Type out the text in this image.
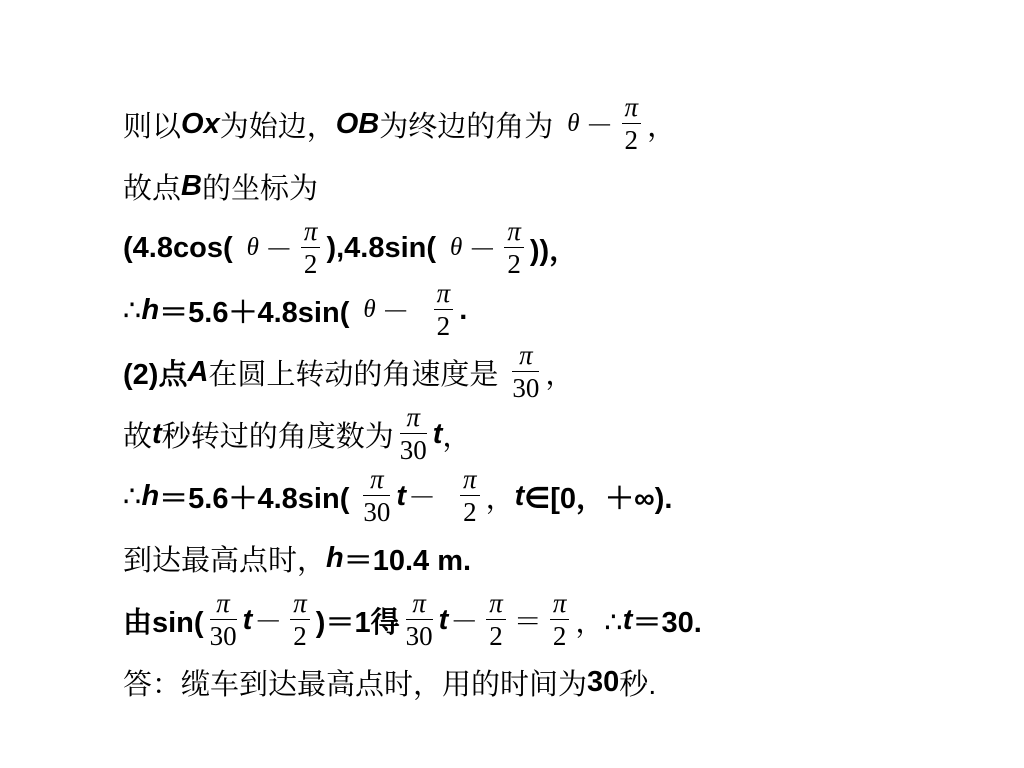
则以 Ox 为始边， OB 为终边的角为 $\theta - \frac{\pi}{2}$ ，
故点 B 的坐标为
(4.8cos( $\theta - \frac{\pi}{2} ),4.8\sin$( $\theta - \frac{\pi}{2}$ ))，
∴ h ＝5.6＋4.8sin( $\theta - \frac{\pi}{2}$ .
(2)点 A 在圆上转动的角速度是 $\frac{\pi}{30}$ ，
故 t 秒转过的角度数为 $\frac{\pi}{30}$ t ，
∴ $h =5.6+4.8\sin( \frac{\pi}{30}$ $t - \frac{\pi}{2}$ ， t ∈[0，＋∞).
到达最高点时， h ＝10.4 m.
由$\sin( \frac{\pi}{30}$ $t - \frac{\pi}{2} )=1$得 $\frac{\pi}{30}$ $t - \frac{\pi}{2} = \frac{\pi}{2}$ ，∴ t ＝30.
答：缆车到达最高点时，用的时间为 30 秒.
